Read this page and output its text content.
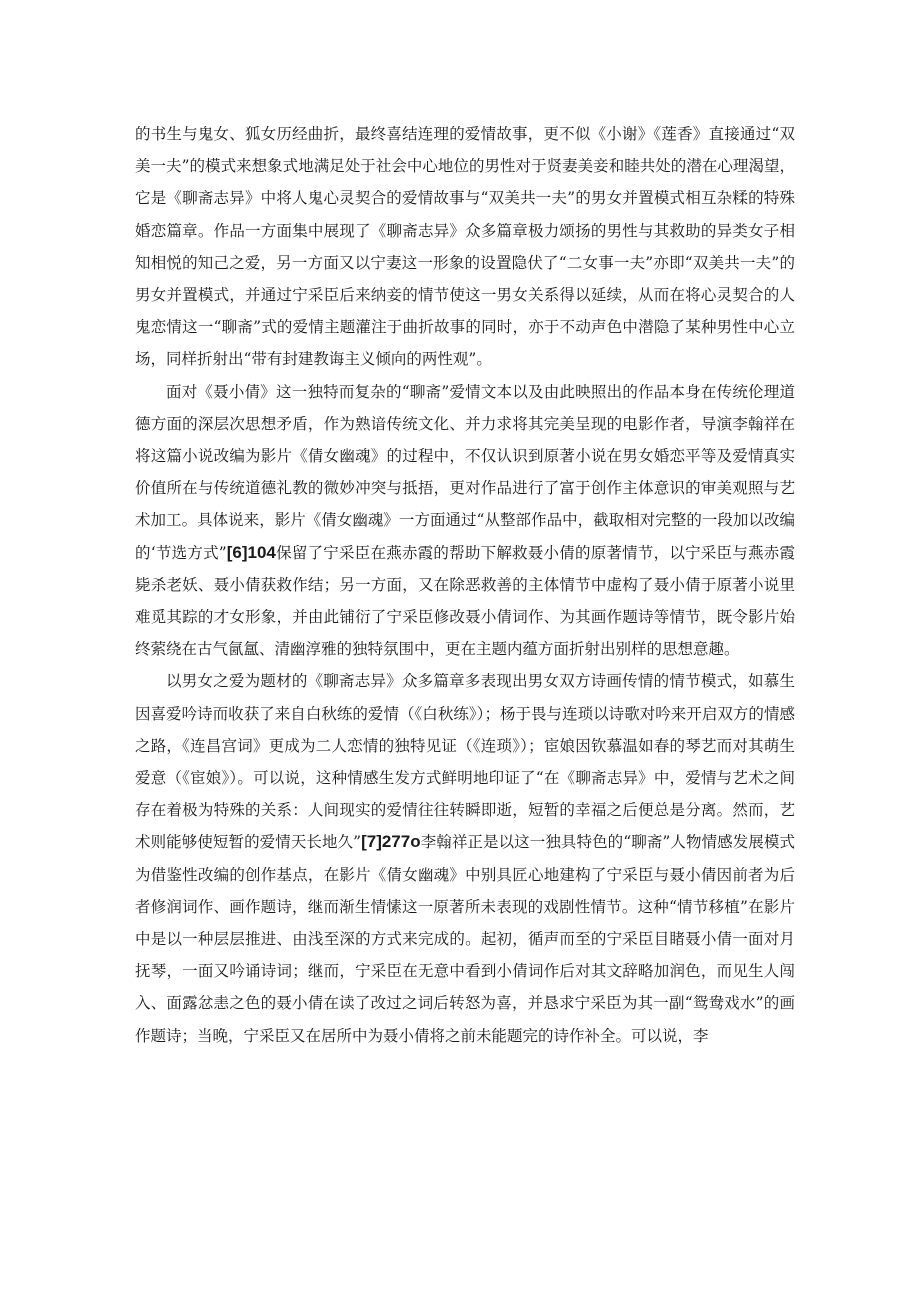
的书生与鬼女、狐女历经曲折，最终喜结连理的爱情故事，更不似《小谢》《莲香》直接通过“双美一夫”的模式来想象式地满足处于社会中心地位的男性对于贤妻美妾和睦共处的潜在心理渴望，它是《聊斋志异》中将人鬼心灵契合的爱情故事与“双美共一夫”的男女并置模式相互杂糅的特殊婚恋篇章。作品一方面集中展现了《聊斋志异》众多篇章极力颂扬的男性与其救助的异类女子相知相悦的知己之爱，另一方面又以宁妻这一形象的设置隐伏了“二女事一夫”亦即“双美共一夫”的男女并置模式，并通过宁采臣后来纳妾的情节使这一男女关系得以延续，从而在将心灵契合的人鬼恋情这一“聊斋”式的爱情主题灌注于曲折故事的同时，亦于不动声色中潜隐了某种男性中心立场，同样折射出“带有封建教诲主义倾向的两性观”。

面对《聂小倩》这一独特而复杂的“聊斋”爱情文本以及由此映照出的作品本身在传统伦理道德方面的深层次思想矛盾，作为熟谙传统文化、并力求将其完美呈现的电影作者，导演李翰祥在将这篇小说改编为影片《倩女幽魂》的过程中，不仅认识到原著小说在男女婚恋平等及爱情真实价值所在与传统道德礼教的微妙冲突与抵捂，更对作品进行了富于创作主体意识的审美观照与艺术加工。具体说来，影片《倩女幽魂》一方面通过“从整部作品中，截取相对完整的一段加以改编的‘节选方式”[6]104保留了宁采臣在燕赤霞的帮助下解救聂小倩的原著情节，以宁采臣与燕赤霞毙杀老妖、聂小倩获救作结；另一方面，又在除恶救善的主体情节中虚构了聂小倩于原著小说里难觅其踪的才女形象，并由此铺衍了宁采臣修改聂小倩词作、为其画作题诗等情节，既令影片始终萦绕在古气氤氲、清幽淳雅的独特氛围中，更在主题内蕴方面折射出别样的思想意趣。

以男女之爱为题材的《聊斋志异》众多篇章多表现出男女双方诗画传情的情节模式，如慕生因喜爱吟诗而收获了来自白秋练的爱情（《白秋练》）；杨于畏与连琐以诗歌对吟来开启双方的情感之路，《连昌宫词》更成为二人恋情的独特见证（《连琐》）；宦娘因钦慕温如春的琴艺而对其萌生爱意（《宦娘》）。可以说，这种情感生发方式鲜明地印证了“在《聊斋志异》中，爱情与艺术之间存在着极为特殊的关系：人间现实的爱情往往转瞬即逝，短暂的幸福之后便总是分离。然而，艺术则能够使短暂的爱情天长地久”[7]277o李翰祥正是以这一独具特色的“聊斋”人物情感发展模式为借鉴性改编的创作基点，在影片《倩女幽魂》中别具匠心地建构了宁采臣与聂小倩因前者为后者修润词作、画作题诗，继而渐生情愫这一原著所未表现的戏剧性情节。这种“情节移植”在影片中是以一种层层推进、由浅至深的方式来完成的。起初，循声而至的宁采臣目睹聂小倩一面对月抚琴，一面又吟诵诗词；继而，宁采臣在无意中看到小倩词作后对其文辞略加润色，而见生人闯入、面露忿恚之色的聂小倩在读了改过之词后转怒为喜，并恳求宁采臣为其一副“鸳鸯戏水”的画作题诗；当晚，宁采臣又在居所中为聂小倩将之前未能题完的诗作补全。可以说，李
